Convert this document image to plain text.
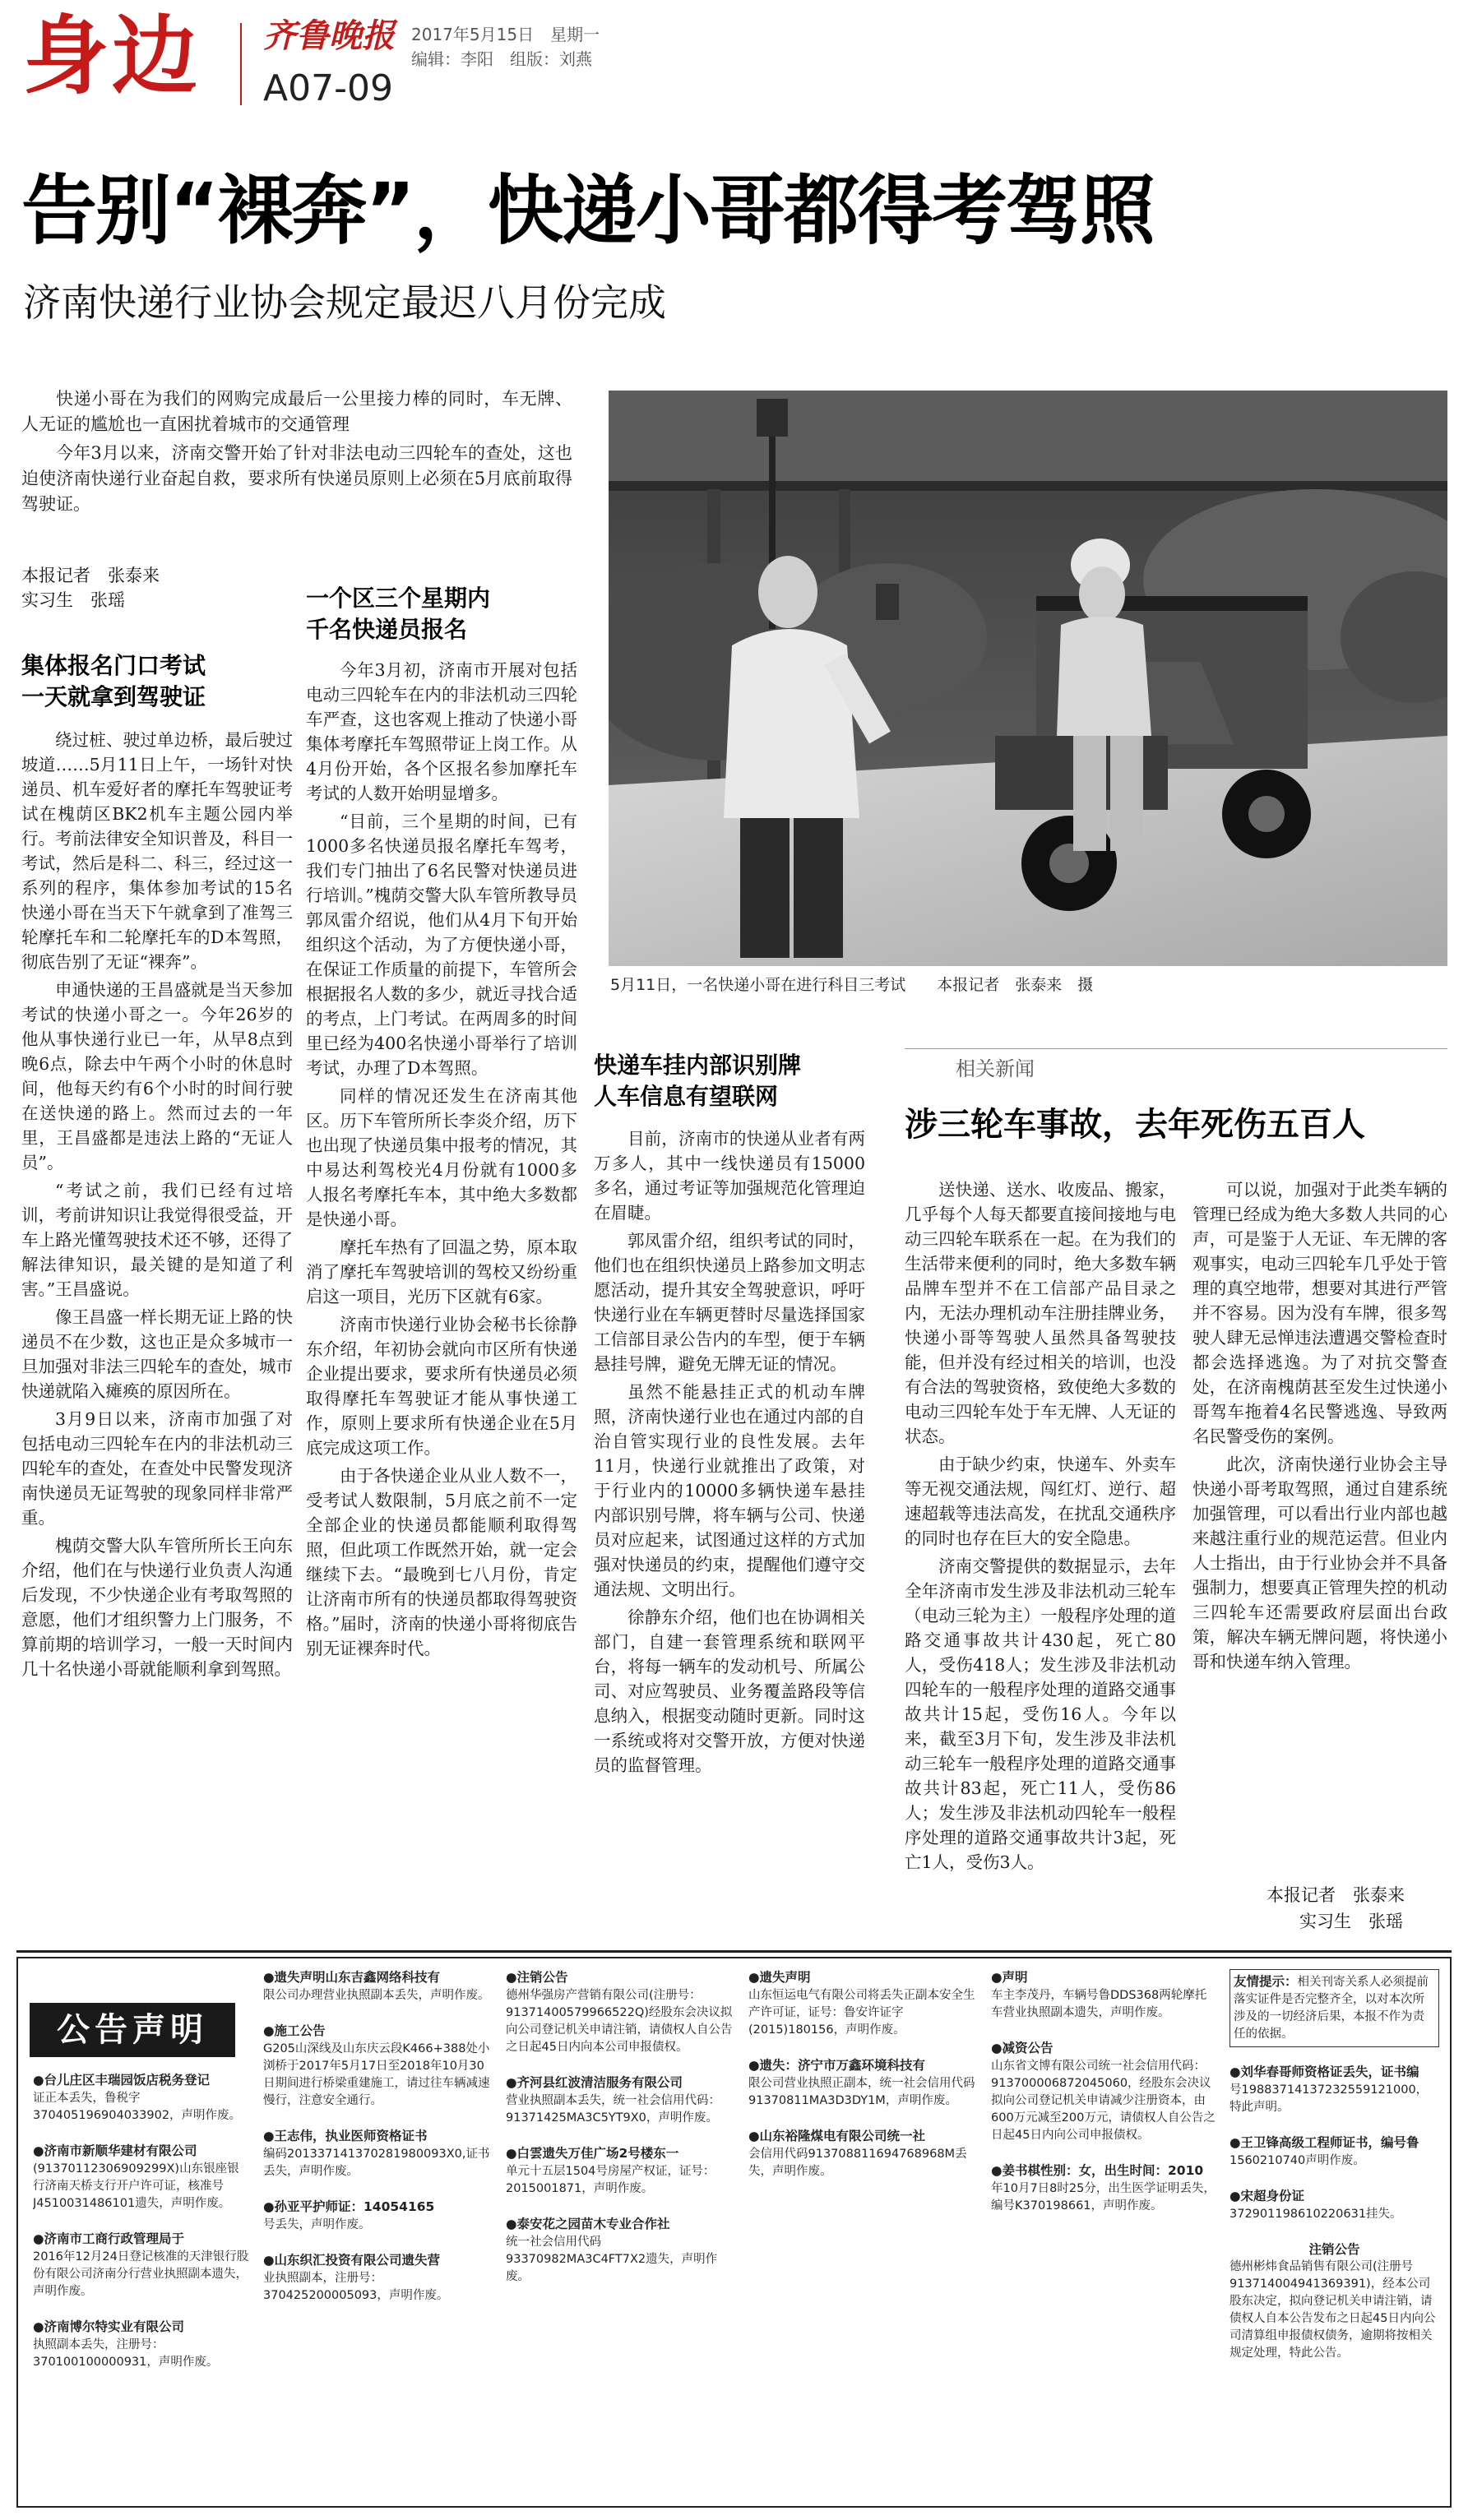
身边 齐鲁晚报 2017年5月15日　星期一
编辑：李阳　组版：刘燕
A07-09
告别“裸奔”，快递小哥都得考驾照
济南快递行业协会规定最迟八月份完成

快递小哥在为我们的网购完成最后一公里接力棒的同时，车无牌、人无证的尴尬也一直困扰着城市的交通管理

今年3月以来，济南交警开始了针对非法电动三四轮车的查处，这也迫使济南快递行业奋起自救，要求所有快递员原则上必须在5月底前取得驾驶证。

本报记者　张泰来
实习生　张瑶
集体报名门口考试
一天就拿到驾驶证

绕过桩、驶过单边桥，最后驶过坡道……5月11日上午，一场针对快递员、机车爱好者的摩托车驾驶证考试在槐荫区BK2机车主题公园内举行。考前法律安全知识普及，科目一考试，然后是科二、科三，经过这一系列的程序，集体参加考试的15名快递小哥在当天下午就拿到了准驾三轮摩托车和二轮摩托车的D本驾照，彻底告别了无证“裸奔”。

申通快递的王昌盛就是当天参加考试的快递小哥之一。今年26岁的他从事快递行业已一年，从早8点到晚6点，除去中午两个小时的休息时间，他每天约有6个小时的时间行驶在送快递的路上。然而过去的一年里，王昌盛都是违法上路的“无证人员”。

“考试之前，我们已经有过培训，考前讲知识让我觉得很受益，开车上路光懂驾驶技术还不够，还得了解法律知识，最关键的是知道了利害。”王昌盛说。

像王昌盛一样长期无证上路的快递员不在少数，这也正是众多城市一旦加强对非法三四轮车的查处，城市快递就陷入瘫痪的原因所在。

3月9日以来，济南市加强了对包括电动三四轮车在内的非法机动三四轮车的查处，在查处中民警发现济南快递员无证驾驶的现象同样非常严重。

槐荫交警大队车管所所长王向东介绍，他们在与快递行业负责人沟通后发现，不少快递企业有考取驾照的意愿，他们才组织警力上门服务，不算前期的培训学习，一般一天时间内几十名快递小哥就能顺利拿到驾照。

一个区三个星期内
千名快递员报名

今年3月初，济南市开展对包括电动三四轮车在内的非法机动三四轮车严查，这也客观上推动了快递小哥集体考摩托车驾照带证上岗工作。从4月份开始，各个区报名参加摩托车考试的人数开始明显增多。

“目前，三个星期的时间，已有1000多名快递员报名摩托车驾考，我们专门抽出了6名民警对快递员进行培训。”槐荫交警大队车管所教导员郭凤雷介绍说，他们从4月下旬开始组织这个活动，为了方便快递小哥，在保证工作质量的前提下，车管所会根据报名人数的多少，就近寻找合适的考点，上门考试。在两周多的时间里已经为400名快递小哥举行了培训考试，办理了D本驾照。

同样的情况还发生在济南其他区。历下车管所所长李炎介绍，历下也出现了快递员集中报考的情况，其中易达利驾校光4月份就有1000多人报名考摩托车本，其中绝大多数都是快递小哥。

摩托车热有了回温之势，原本取消了摩托车驾驶培训的驾校又纷纷重启这一项目，光历下区就有6家。

济南市快递行业协会秘书长徐静东介绍，年初协会就向市区所有快递企业提出要求，要求所有快递员必须取得摩托车驾驶证才能从事快递工作，原则上要求所有快递企业在5月底完成这项工作。

由于各快递企业从业人数不一，受考试人数限制，5月底之前不一定全部企业的快递员都能顺利取得驾照，但此项工作既然开始，就一定会继续下去。“最晚到七八月份，肯定让济南市所有的快递员都取得驾驶资格。”届时，济南的快递小哥将彻底告别无证裸奔时代。

5月11日，一名快递小哥在进行科目三考试　　本报记者　张泰来　摄
快递车挂内部识别牌
人车信息有望联网

目前，济南市的快递从业者有两万多人，其中一线快递员有15000多名，通过考证等加强规范化管理迫在眉睫。

郭凤雷介绍，组织考试的同时，他们也在组织快递员上路参加文明志愿活动，提升其安全驾驶意识，呼吁快递行业在车辆更替时尽量选择国家工信部目录公告内的车型，便于车辆悬挂号牌，避免无牌无证的情况。

虽然不能悬挂正式的机动车牌照，济南快递行业也在通过内部的自治自管实现行业的良性发展。去年11月，快递行业就推出了政策，对于行业内的10000多辆快递车悬挂内部识别号牌，将车辆与公司、快递员对应起来，试图通过这样的方式加强对快递员的约束，提醒他们遵守交通法规、文明出行。

徐静东介绍，他们也在协调相关部门，自建一套管理系统和联网平台，将每一辆车的发动机号、所属公司、对应驾驶员、业务覆盖路段等信息纳入，根据变动随时更新。同时这一系统或将对交警开放，方便对快递员的监督管理。

相关新闻
涉三轮车事故，去年死伤五百人

送快递、送水、收废品、搬家，几乎每个人每天都要直接间接地与电动三四轮车联系在一起。在为我们的生活带来便利的同时，绝大多数车辆品牌车型并不在工信部产品目录之内，无法办理机动车注册挂牌业务，快递小哥等驾驶人虽然具备驾驶技能，但并没有经过相关的培训，也没有合法的驾驶资格，致使绝大多数的电动三四轮车处于车无牌、人无证的状态。

由于缺少约束，快递车、外卖车等无视交通法规，闯红灯、逆行、超速超载等违法高发，在扰乱交通秩序的同时也存在巨大的安全隐患。

济南交警提供的数据显示，去年全年济南市发生涉及非法机动三轮车（电动三轮为主）一般程序处理的道路交通事故共计430起，死亡80人，受伤418人；发生涉及非法机动四轮车的一般程序处理的道路交通事故共计15起，受伤16人。今年以来，截至3月下旬，发生涉及非法机动三轮车一般程序处理的道路交通事故共计83起，死亡11人，受伤86人；发生涉及非法机动四轮车一般程序处理的道路交通事故共计3起，死亡1人，受伤3人。

可以说，加强对于此类车辆的管理已经成为绝大多数人共同的心声，可是鉴于人无证、车无牌的客观事实，电动三四轮车几乎处于管理的真空地带，想要对其进行严管并不容易。因为没有车牌，很多驾驶人肆无忌惮违法遭遇交警检查时都会选择逃逸。为了对抗交警查处，在济南槐荫甚至发生过快递小哥驾车拖着4名民警逃逸、导致两名民警受伤的案例。

此次，济南快递行业协会主导快递小哥考取驾照，通过自建系统加强管理，可以看出行业内部也越来越注重行业的规范运营。但业内人士指出，由于行业协会并不具备强制力，想要真正管理失控的机动三四轮车还需要政府层面出台政策，解决车辆无牌问题，将快递小哥和快递车纳入管理。

本报记者　张泰来
实习生　张瑶
公告声明
●台儿庄区丰瑞园饭店税务登记
证正本丢失，鲁税字370405196904033902，声明作废。
●济南市新顺华建材有限公司
(91370112306909299X)山东银座银行济南天桥支行开户许可证，核准号J4510031486101遗失，声明作废。
●济南市工商行政管理局于
2016年12月24日登记核准的天津银行股份有限公司济南分行营业执照副本遗失，声明作废。
●济南博尔特实业有限公司
执照副本丢失，注册号：370100100000931，声明作废。
●遗失声明山东吉鑫网络科技有
限公司办理营业执照副本丢失，声明作废。
●施工公告
G205山深线及山东庆云段K466+388处小浏桥于2017年5月17日至2018年10月30日期间进行桥梁重建施工，请过往车辆减速慢行，注意安全通行。
●王志伟，执业医师资格证书
编码201337141370281980093X0,证书丢失，声明作废。
●孙亚平护师证：14054165
号丢失，声明作废。
●山东织汇投资有限公司遗失营
业执照副本，注册号：370425200005093，声明作废。
●注销公告
德州华强房产营销有限公司(注册号：91371400579966522Q)经股东会决议拟向公司登记机关申请注销，请债权人自公告之日起45日内向本公司申报债权。
●齐河县红波清洁服务有限公司
营业执照副本丢失，统一社会信用代码：91371425MA3C5YT9X0，声明作废。
●白雲遗失万佳广场2号楼东一
单元十五层1504号房屋产权证，证号：2015001871，声明作废。
●泰安花之园苗木专业合作社
统一社会信用代码93370982MA3C4FT7X2遗失，声明作废。
●遗失声明
山东恒运电气有限公司将丢失正副本安全生产许可证，证号：鲁安许证字(2015)180156，声明作废。
●遗失：济宁市万鑫环境科技有
限公司营业执照正副本，统一社会信用代码91370811MA3D3DY1M，声明作废。
●山东裕隆煤电有限公司统一社
会信用代码913708811694768968M丢失，声明作废。
●声明
车主李茂丹，车辆号鲁DDS368两轮摩托车营业执照副本遗失，声明作废。
●减资公告
山东省文博有限公司统一社会信用代码：913700006872045060，经股东会决议拟向公司登记机关申请减少注册资本，由600万元减至200万元，请债权人自公告之日起45日内向公司申报债权。
●姜书棋性别：女，出生时间：2010
年10月7日8时25分，出生医学证明丢失，编号K370198661，声明作废。
友情提示：相关刊寄关系人必须提前落实证件是否完整齐全，以对本次所涉及的一切经济后果，本报不作为责任的依据。
●刘华春哥师资格证丢失，证书编
号19883714137232559121000，特此声明。
●王卫锋高级工程师证书，编号鲁
1560210740声明作废。
●宋超身份证
372901198610220631挂失。
注销公告
德州彬炜食品销售有限公司(注册号913714004941369391)，经本公司股东决定，拟向登记机关申请注销，请债权人自本公告发布之日起45日内向公司清算组申报债权债务，逾期将按相关规定处理，特此公告。
